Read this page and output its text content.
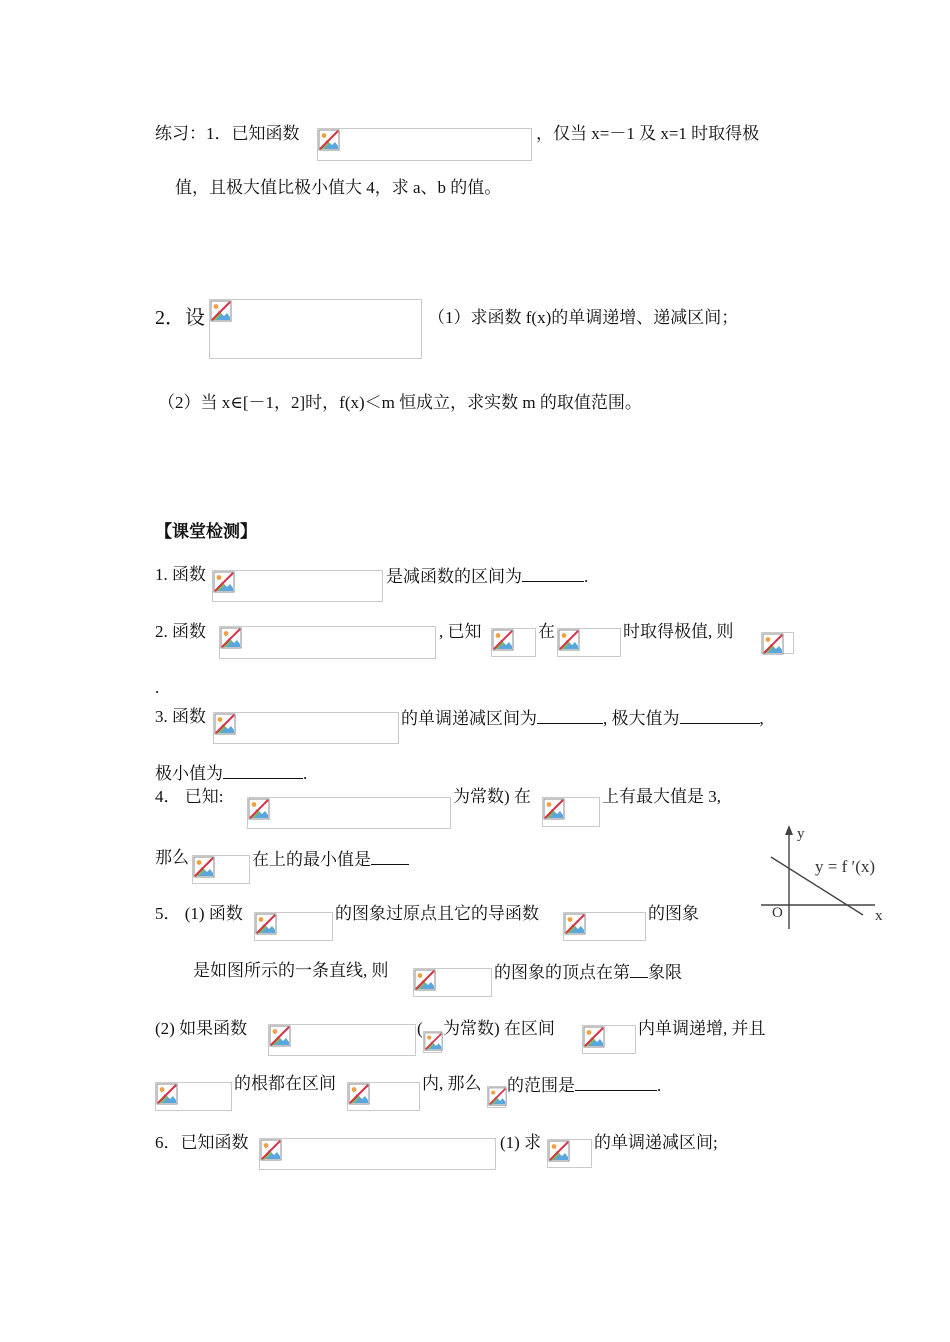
练习：1．已知函数	，仅当 x=－1 及 x=1 时取得极
值，且极大值比极小值大 4，求 a、b 的值。
2．设	（1）求函数 f(x)的单调递增、递减区间；
（2）当 x∈[－1，2]时，f(x)＜m 恒成立，求实数 m 的取值范围。
【课堂检测】
1. 函数	是减函数的区间为	.
2. 函数	, 已知	在	时取得极值, 则
.
3. 函数	的单调递减区间为	, 极大值为	,
极小值为	.
4． 已知:	为常数) 在	上有最大值是 3,
那么	在上的最小值是
y
x
O
y = f ′(x)
5． (1) 函数	的图象过原点且它的导函数	的图象
是如图所示的一条直线, 则	的图象的顶点在第 象限
(2) 如果函数	( 为常数) 在区间	内单调递增, 并且
的根都在区间	内, 那么 的范围是	.
6．已知函数	(1) 求	的单调递减区间;
